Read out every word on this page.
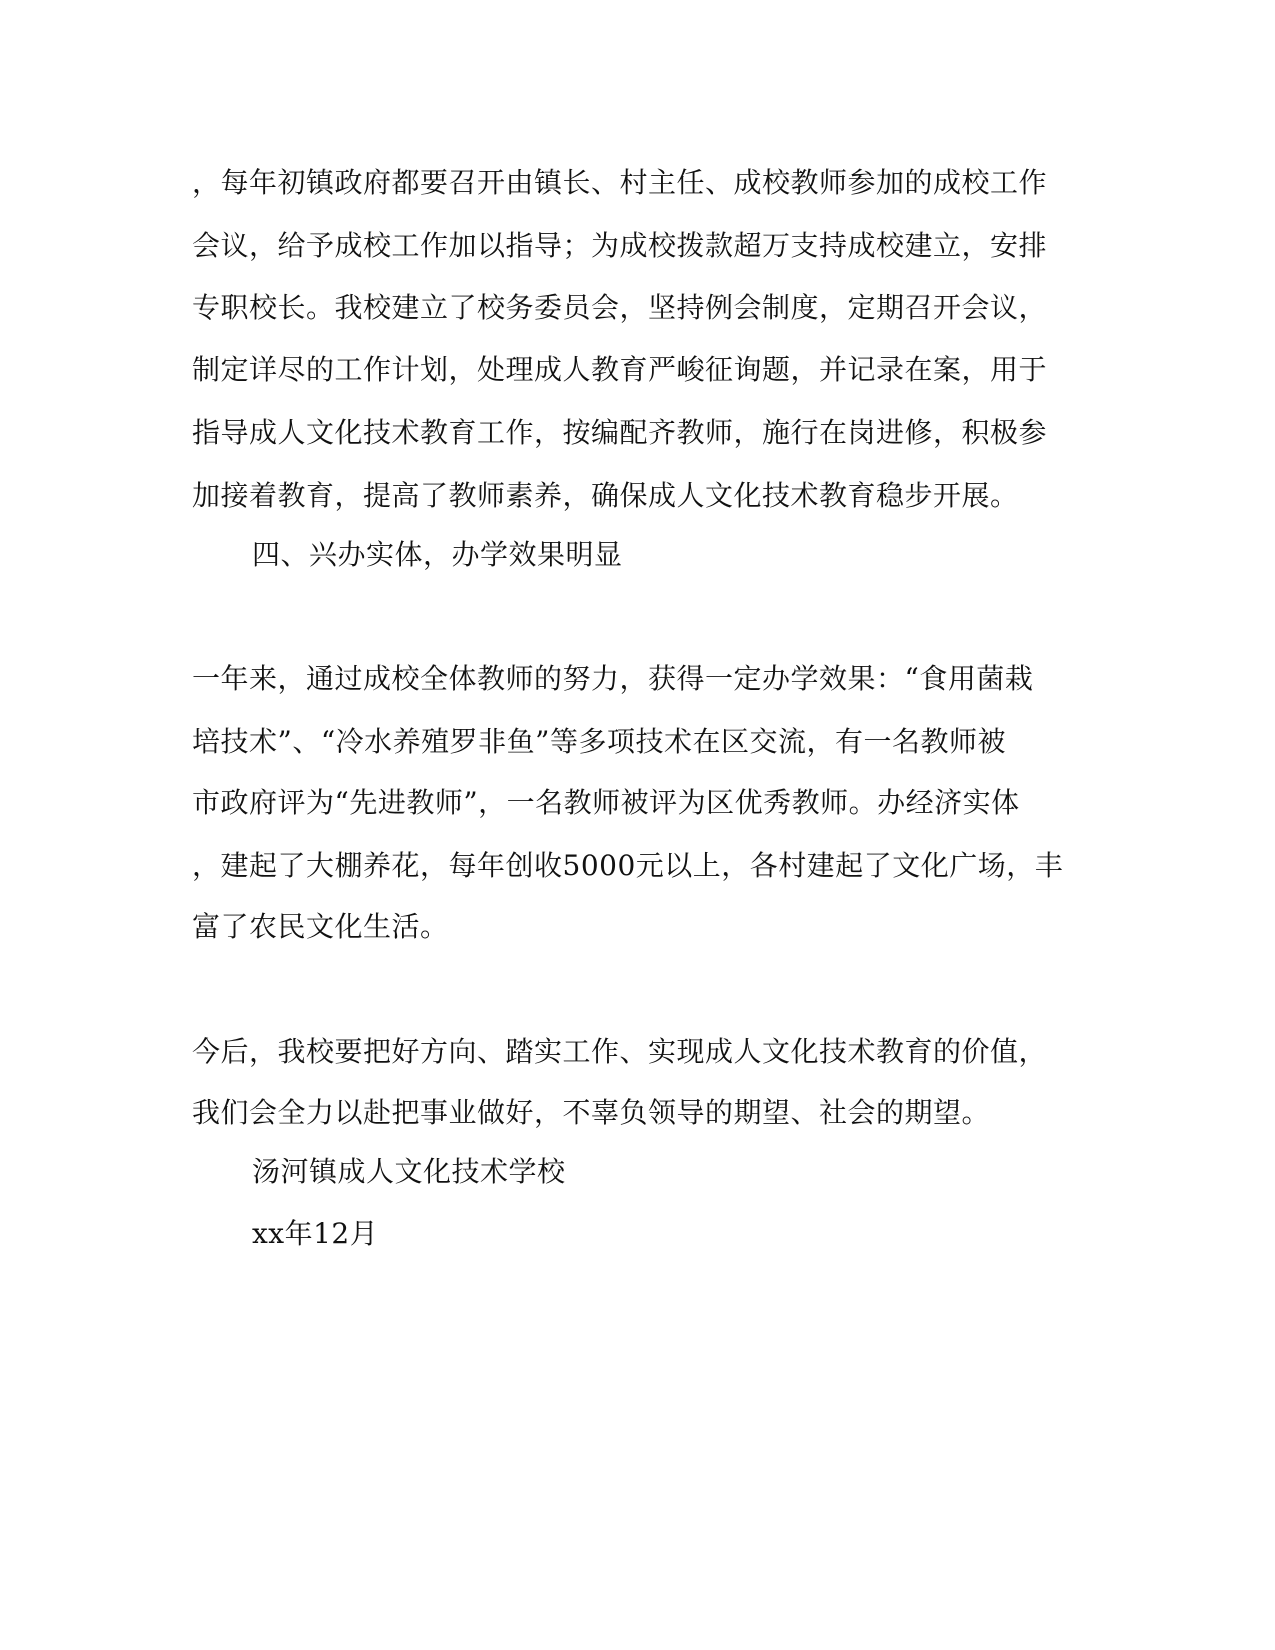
，每年初镇政府都要召开由镇长、村主任、成校教师参加的成校工作
会议，给予成校工作加以指导；为成校拨款超万支持成校建立，安排
专职校长。我校建立了校务委员会，坚持例会制度，定期召开会议，
制定详尽的工作计划，处理成人教育严峻征询题，并记录在案，用于
指导成人文化技术教育工作，按编配齐教师，施行在岗进修，积极参
加接着教育，提高了教师素养，确保成人文化技术教育稳步开展。
四、兴办实体，办学效果明显
一年来，通过成校全体教师的努力，获得一定办学效果：“食用菌栽
培技术”、“冷水养殖罗非鱼”等多项技术在区交流，有一名教师被
市政府评为“先进教师”，一名教师被评为区优秀教师。办经济实体
，建起了大棚养花，每年创收5000元以上，各村建起了文化广场，丰
富了农民文化生活。
今后，我校要把好方向、踏实工作、实现成人文化技术教育的价值，
我们会全力以赴把事业做好，不辜负领导的期望、社会的期望。
汤河镇成人文化技术学校
xx年12月
